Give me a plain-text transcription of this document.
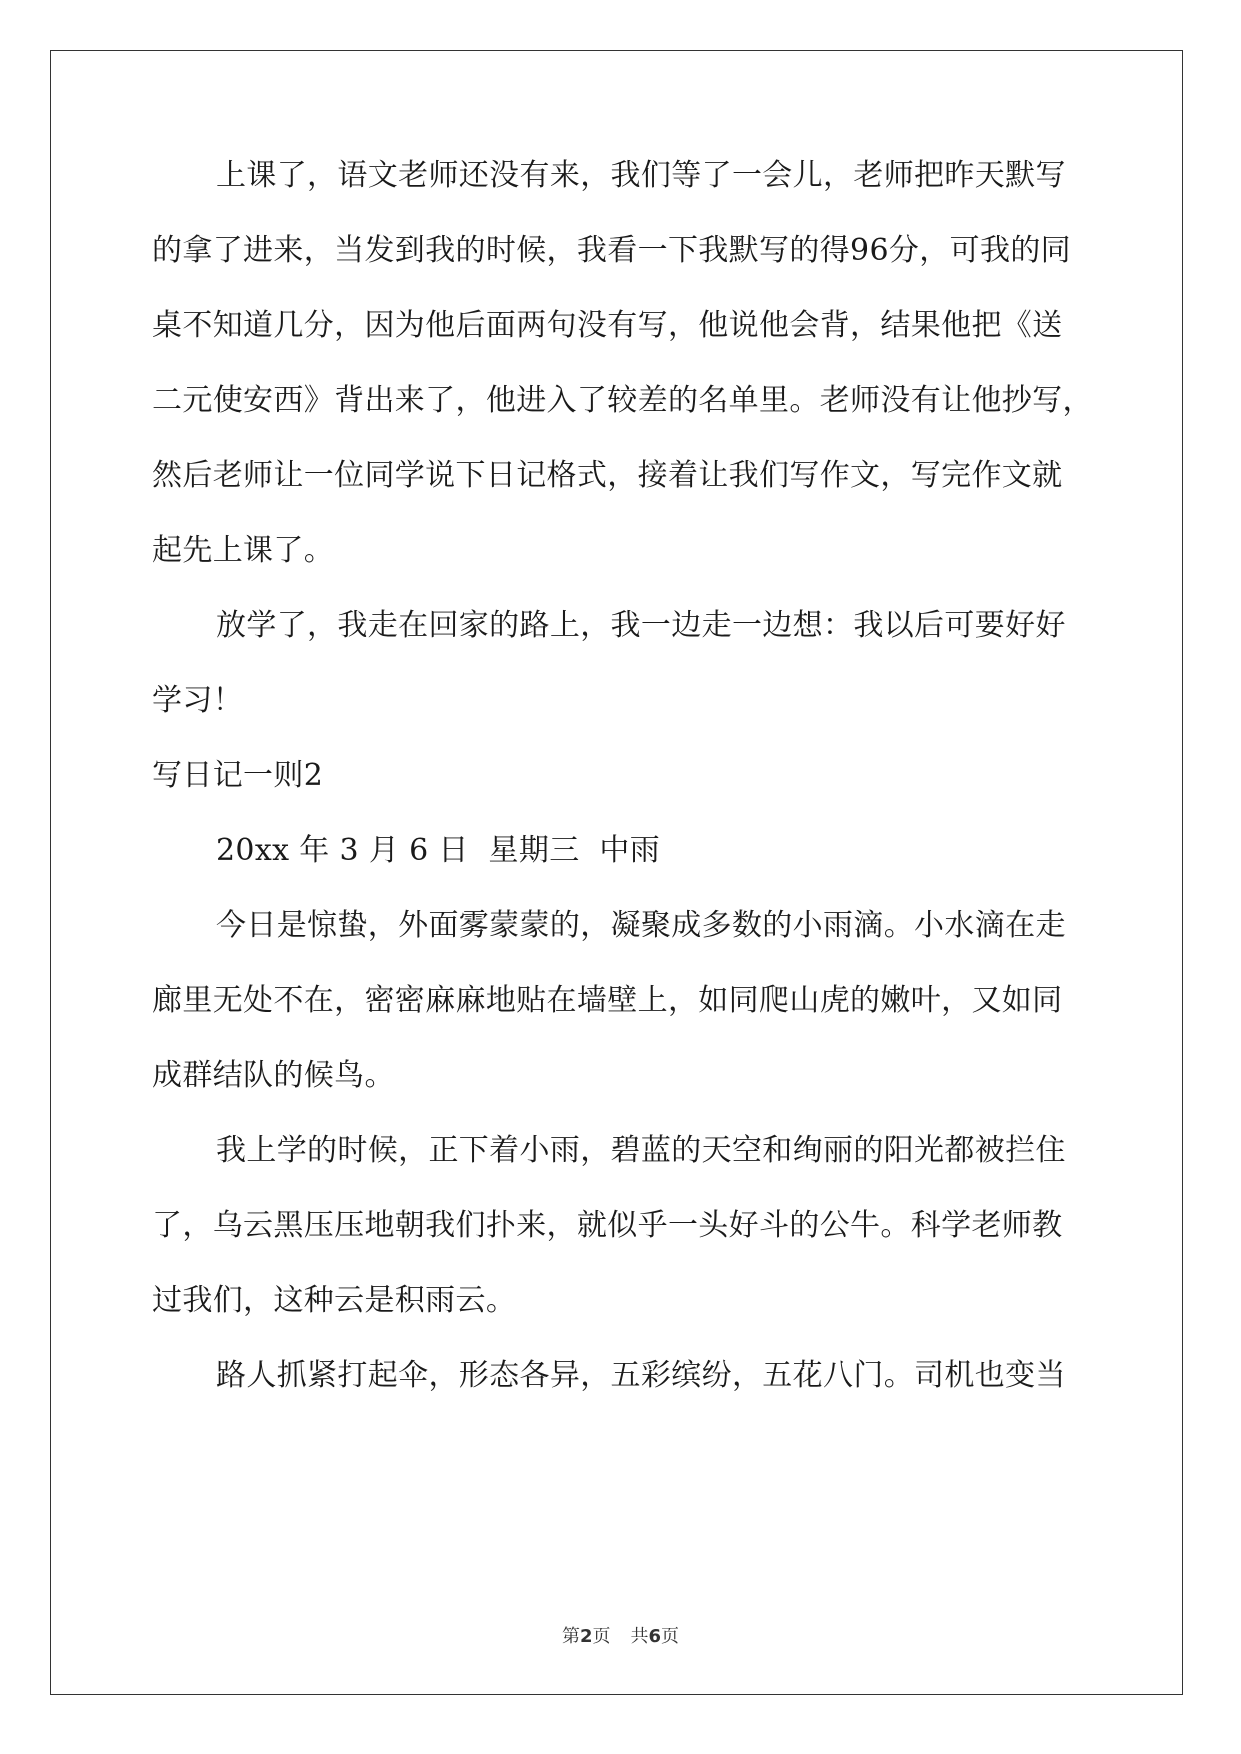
上课了，语文老师还没有来，我们等了一会儿，老师把昨天默写
的拿了进来，当发到我的时候，我看一下我默写的得96分，可我的同
桌不知道几分，因为他后面两句没有写，他说他会背，结果他把《送
二元使安西》背出来了，他进入了较差的名单里。老师没有让他抄写，
然后老师让一位同学说下日记格式，接着让我们写作文，写完作文就
起先上课了。
放学了，我走在回家的路上，我一边走一边想：我以后可要好好
学习！
写日记一则2
20xx 年 3 月 6 日  星期三  中雨
今日是惊蛰，外面雾蒙蒙的，凝聚成多数的小雨滴。小水滴在走
廊里无处不在，密密麻麻地贴在墙壁上，如同爬山虎的嫩叶，又如同
成群结队的候鸟。
我上学的时候，正下着小雨，碧蓝的天空和绚丽的阳光都被拦住
了，乌云黑压压地朝我们扑来，就似乎一头好斗的公牛。科学老师教
过我们，这种云是积雨云。
路人抓紧打起伞，形态各异，五彩缤纷，五花八门。司机也变当
第2页 共6页
